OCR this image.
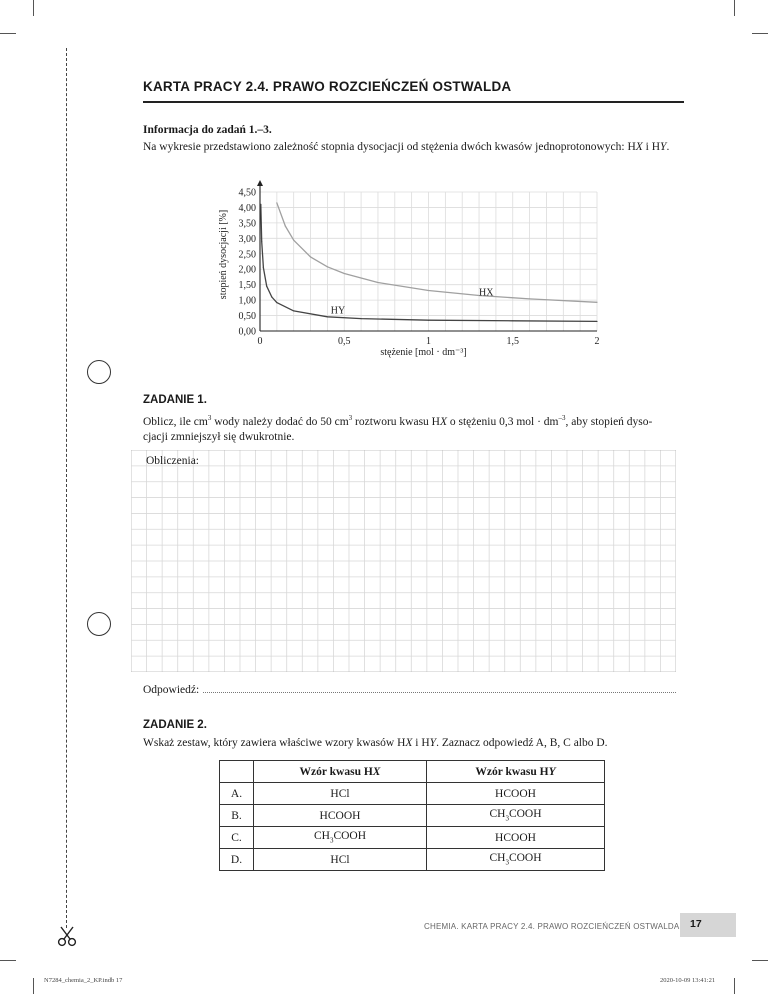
KARTA PRACY 2.4. PRAWO ROZCIEŃCZEŃ OSTWALDA
Informacja do zadań 1.–3.
Na wykresie przedstawiono zależność stopnia dysocjacji od stężenia dwóch kwasów jednoprotonowych: HX i HY.
0,00
0,50
1,00
1,50
2,00
2,50
3,00
3,50
4,00
4,50
0	0,5	1	1,5	2
stężenie [mol · dm⁻³]
stopień dysocjacji [%]	HX
HY
ZADANIE 1.
Oblicz, ile $cm^3$ wody należy dodać do 50 $cm^3$ roztworu kwasu HX o stężeniu 0,3 mol · $dm^{-3}$, aby stopień dyso-
cjacji zmniejszył się dwukrotnie.
Obliczenia:
Odpowiedź:
ZADANIE 2.
Wskaż zestaw, który zawiera właściwe wzory kwasów HX i HY. Zaznacz odpowiedź A, B, C albo D.
	Wzór kwasu HX	Wzór kwasu HY
A.	HCl	HCOOH
B.	HCOOH	$CH_3COOH$
C.	$CH_3COOH$	HCOOH
D.	HCl	$CH_3COOH$
CHEMIA. KARTA PRACY 2.4. PRAWO ROZCIEŃCZEŃ OSTWALDA 17
N7284_chemia_2_KP.indb 17	2020-10-09 13:41:21
